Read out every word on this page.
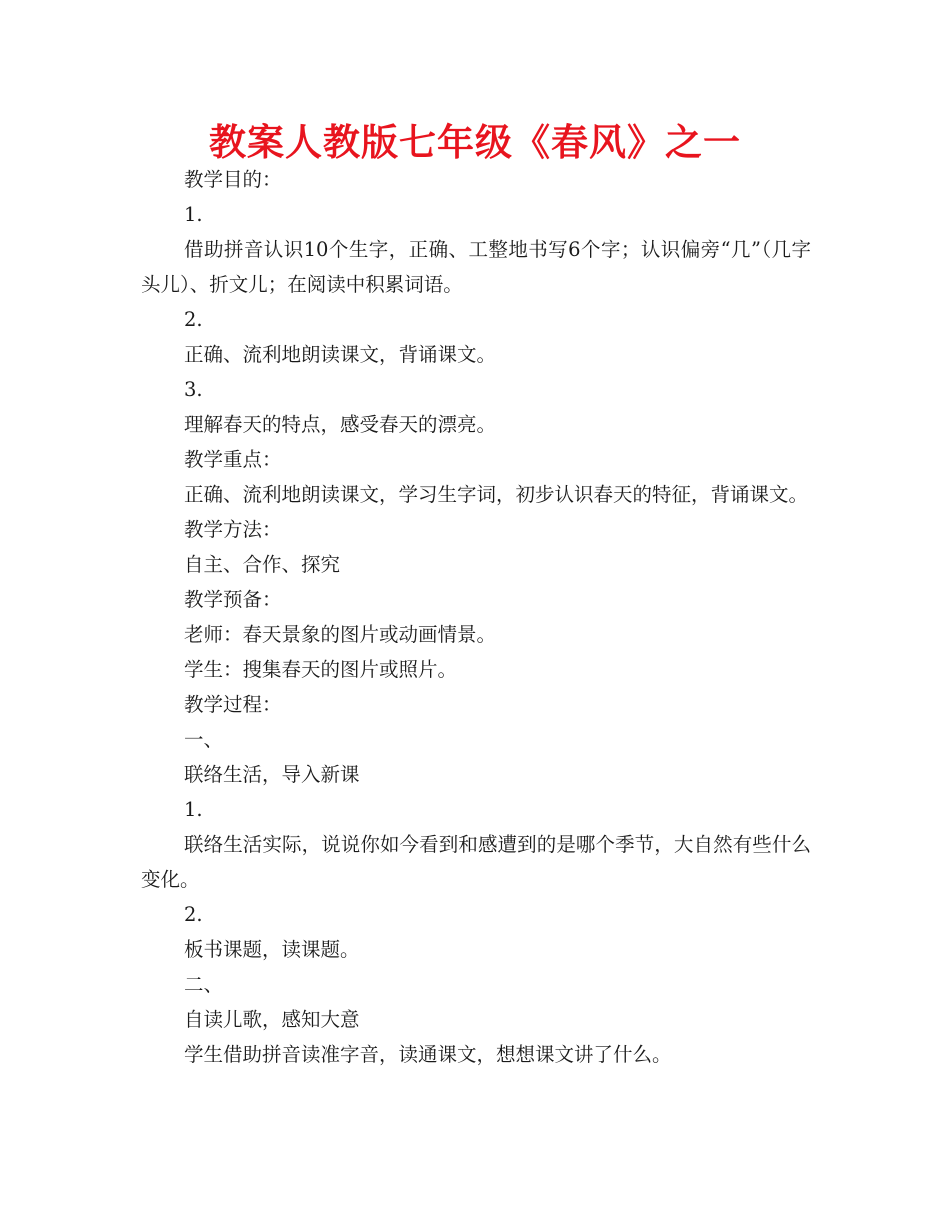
教案人教版七年级《春风》之一

教学目的：

1.

借助拼音认识10个生字，正确、工整地书写6个字；认识偏旁“几”（几字头儿）、折文儿；在阅读中积累词语。

2.

正确、流利地朗读课文，背诵课文。

3.

理解春天的特点，感受春天的漂亮。

教学重点：

正确、流利地朗读课文，学习生字词，初步认识春天的特征，背诵课文。

教学方法：

自主、合作、探究

教学预备：

老师：春天景象的图片或动画情景。

学生：搜集春天的图片或照片。

教学过程：

一、

联络生活，导入新课

1.

联络生活实际，说说你如今看到和感遭到的是哪个季节，大自然有些什么变化。

2.

板书课题，读课题。

二、

自读儿歌，感知大意

学生借助拼音读准字音，读通课文，想想课文讲了什么。
